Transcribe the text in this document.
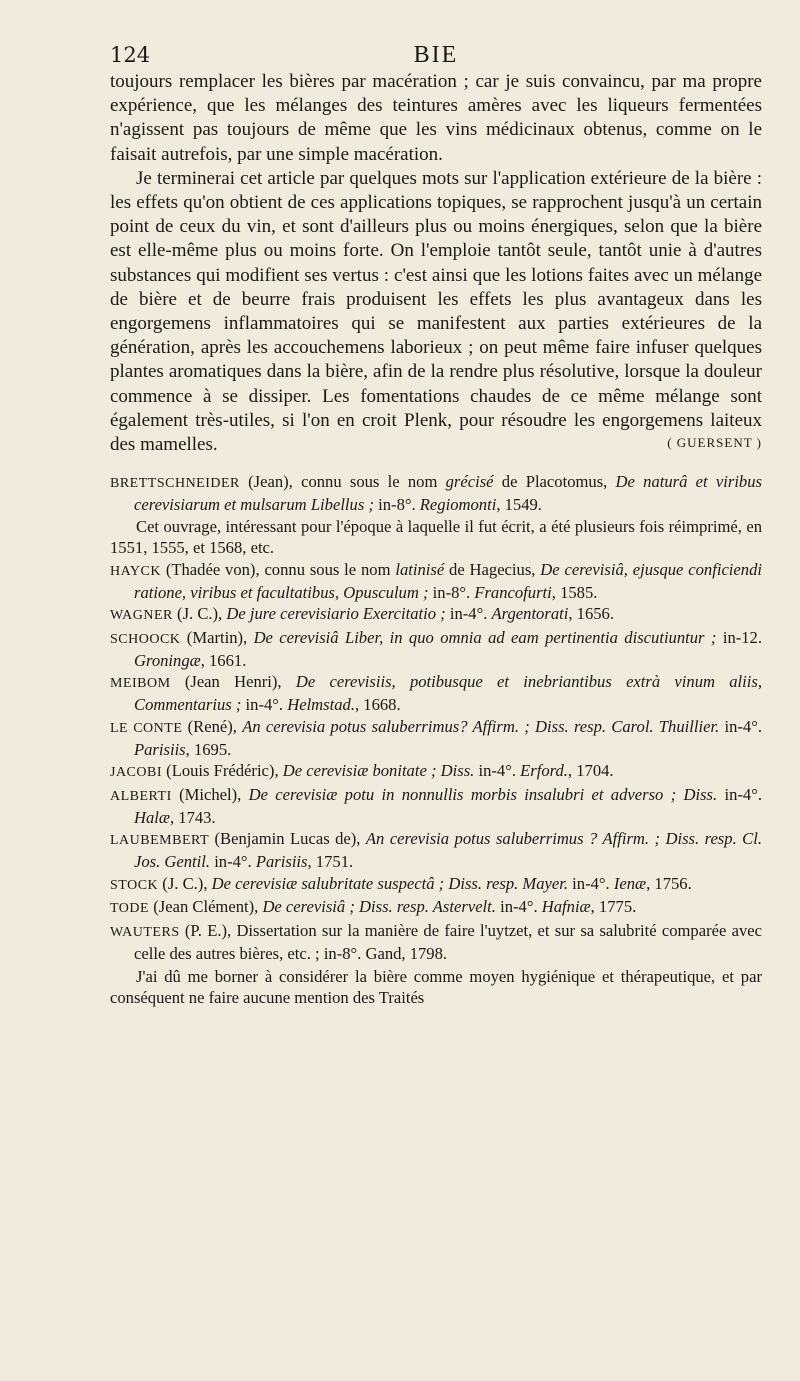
124	BIE

toujours remplacer les bières par macération ; car je suis convaincu, par ma propre expérience, que les mélanges des teintures amères avec les liqueurs fermentées n'agissent pas toujours de même que les vins médicinaux obtenus, comme on le faisait autrefois, par une simple macération.

Je terminerai cet article par quelques mots sur l'application extérieure de la bière : les effets qu'on obtient de ces applications topiques, se rapprochent jusqu'à un certain point de ceux du vin, et sont d'ailleurs plus ou moins énergiques, selon que la bière est elle-même plus ou moins forte. On l'emploie tantôt seule, tantôt unie à d'autres substances qui modifient ses vertus : c'est ainsi que les lotions faites avec un mélange de bière et de beurre frais produisent les effets les plus avantageux dans les engorgemens inflammatoires qui se manifestent aux parties extérieures de la génération, après les accouchemens laborieux ; on peut même faire infuser quelques plantes aromatiques dans la bière, afin de la rendre plus résolutive, lorsque la douleur commence à se dissiper. Les fomentations chaudes de ce même mélange sont également très-utiles, si l'on en croit Plenk, pour résoudre les engorgemens laiteux des mamelles.	( GUERSENT )

BRETTSCHNEIDER (Jean), connu sous le nom grécisé de Placotomus, De naturâ et viribus cerevisiarum et mulsarum Libellus ; in-8°. Regiomonti, 1549.

Cet ouvrage, intéressant pour l'époque à laquelle il fut écrit, a été plusieurs fois réimprimé, en 1551, 1555, et 1568, etc.

HAYCK (Thadée von), connu sous le nom latinisé de Hagecius, De cerevisiâ, ejusque conficiendi ratione, viribus et facultatibus, Opusculum ; in-8°. Francofurti, 1585.

WAGNER (J. C.), De jure cerevisiario Exercitatio ; in-4°. Argentorati, 1656.

SCHOOCK (Martin), De cerevisiâ Liber, in quo omnia ad eam pertinentia discutiuntur ; in-12. Groningæ, 1661.

MEIBOM (Jean Henri), De cerevisiis, potibusque et inebriantibus extrà vinum aliis, Commentarius ; in-4°. Helmstad., 1668.

LE CONTE (René), An cerevisia potus saluberrimus? Affirm. ; Diss. resp. Carol. Thuillier. in-4°. Parisiis, 1695.

JACOBI (Louis Frédéric), De cerevisiæ bonitate ; Diss. in-4°. Erford., 1704.

ALBERTI (Michel), De cerevisiæ potu in nonnullis morbis insalubri et adverso ; Diss. in-4°. Halæ, 1743.

LAUBEMBERT (Benjamin Lucas de), An cerevisia potus saluberrimus ? Affirm. ; Diss. resp. Cl. Jos. Gentil. in-4°. Parisiis, 1751.

STOCK (J. C.), De cerevisiæ salubritate suspectâ ; Diss. resp. Mayer. in-4°. Ienæ, 1756.

TODE (Jean Clément), De cerevisiâ ; Diss. resp. Astervelt. in-4°. Hafniæ, 1775.

WAUTERS (P. E.), Dissertation sur la manière de faire l'uytzet, et sur sa salubrité comparée avec celle des autres bières, etc. ; in-8°. Gand, 1798.

J'ai dû me borner à considérer la bière comme moyen hygiénique et thérapeutique, et par conséquent ne faire aucune mention des Traités
